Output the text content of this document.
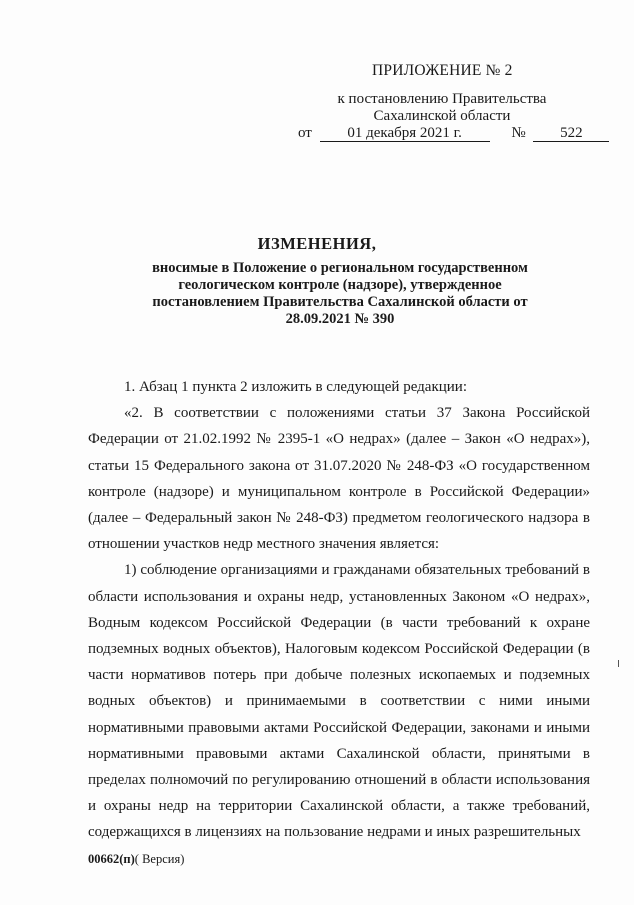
ПРИЛОЖЕНИЕ № 2
к постановлению Правительства Сахалинской области
от 01 декабря 2021 г.	№ 522
ИЗМЕНЕНИЯ,
вносимые в Положение о региональном государственном геологическом контроле (надзоре), утвержденное постановлением Правительства Сахалинской области от 28.09.2021 № 390

1. Абзац 1 пункта 2 изложить в следующей редакции:

«2. В соответствии с положениями статьи 37 Закона Российской Федерации от 21.02.1992 № 2395-1 «О недрах» (далее – Закон «О недрах»), статьи 15 Федерального закона от 31.07.2020 № 248-ФЗ «О государственном контроле (надзоре) и муниципальном контроле в Российской Федерации» (далее – Федеральный закон № 248-ФЗ) предметом геологического надзора в отношении участков недр местного значения является:

1) соблюдение организациями и гражданами обязательных требований в области использования и охраны недр, установленных Законом «О недрах», Водным кодексом Российской Федерации (в части требований к охране подземных водных объектов), Налоговым кодексом Российской Федерации (в части нормативов потерь при добыче полезных ископаемых и подземных водных объектов) и принимаемыми в соответствии с ними иными нормативными правовыми актами Российской Федерации, законами и иными нормативными правовыми актами Сахалинской области, принятыми в пределах полномочий по регулированию отношений в области использования и охраны недр на территории Сахалинской области, а также требований, содержащихся в лицензиях на пользование недрами и иных разрешительных

00662(п)( Версия)
